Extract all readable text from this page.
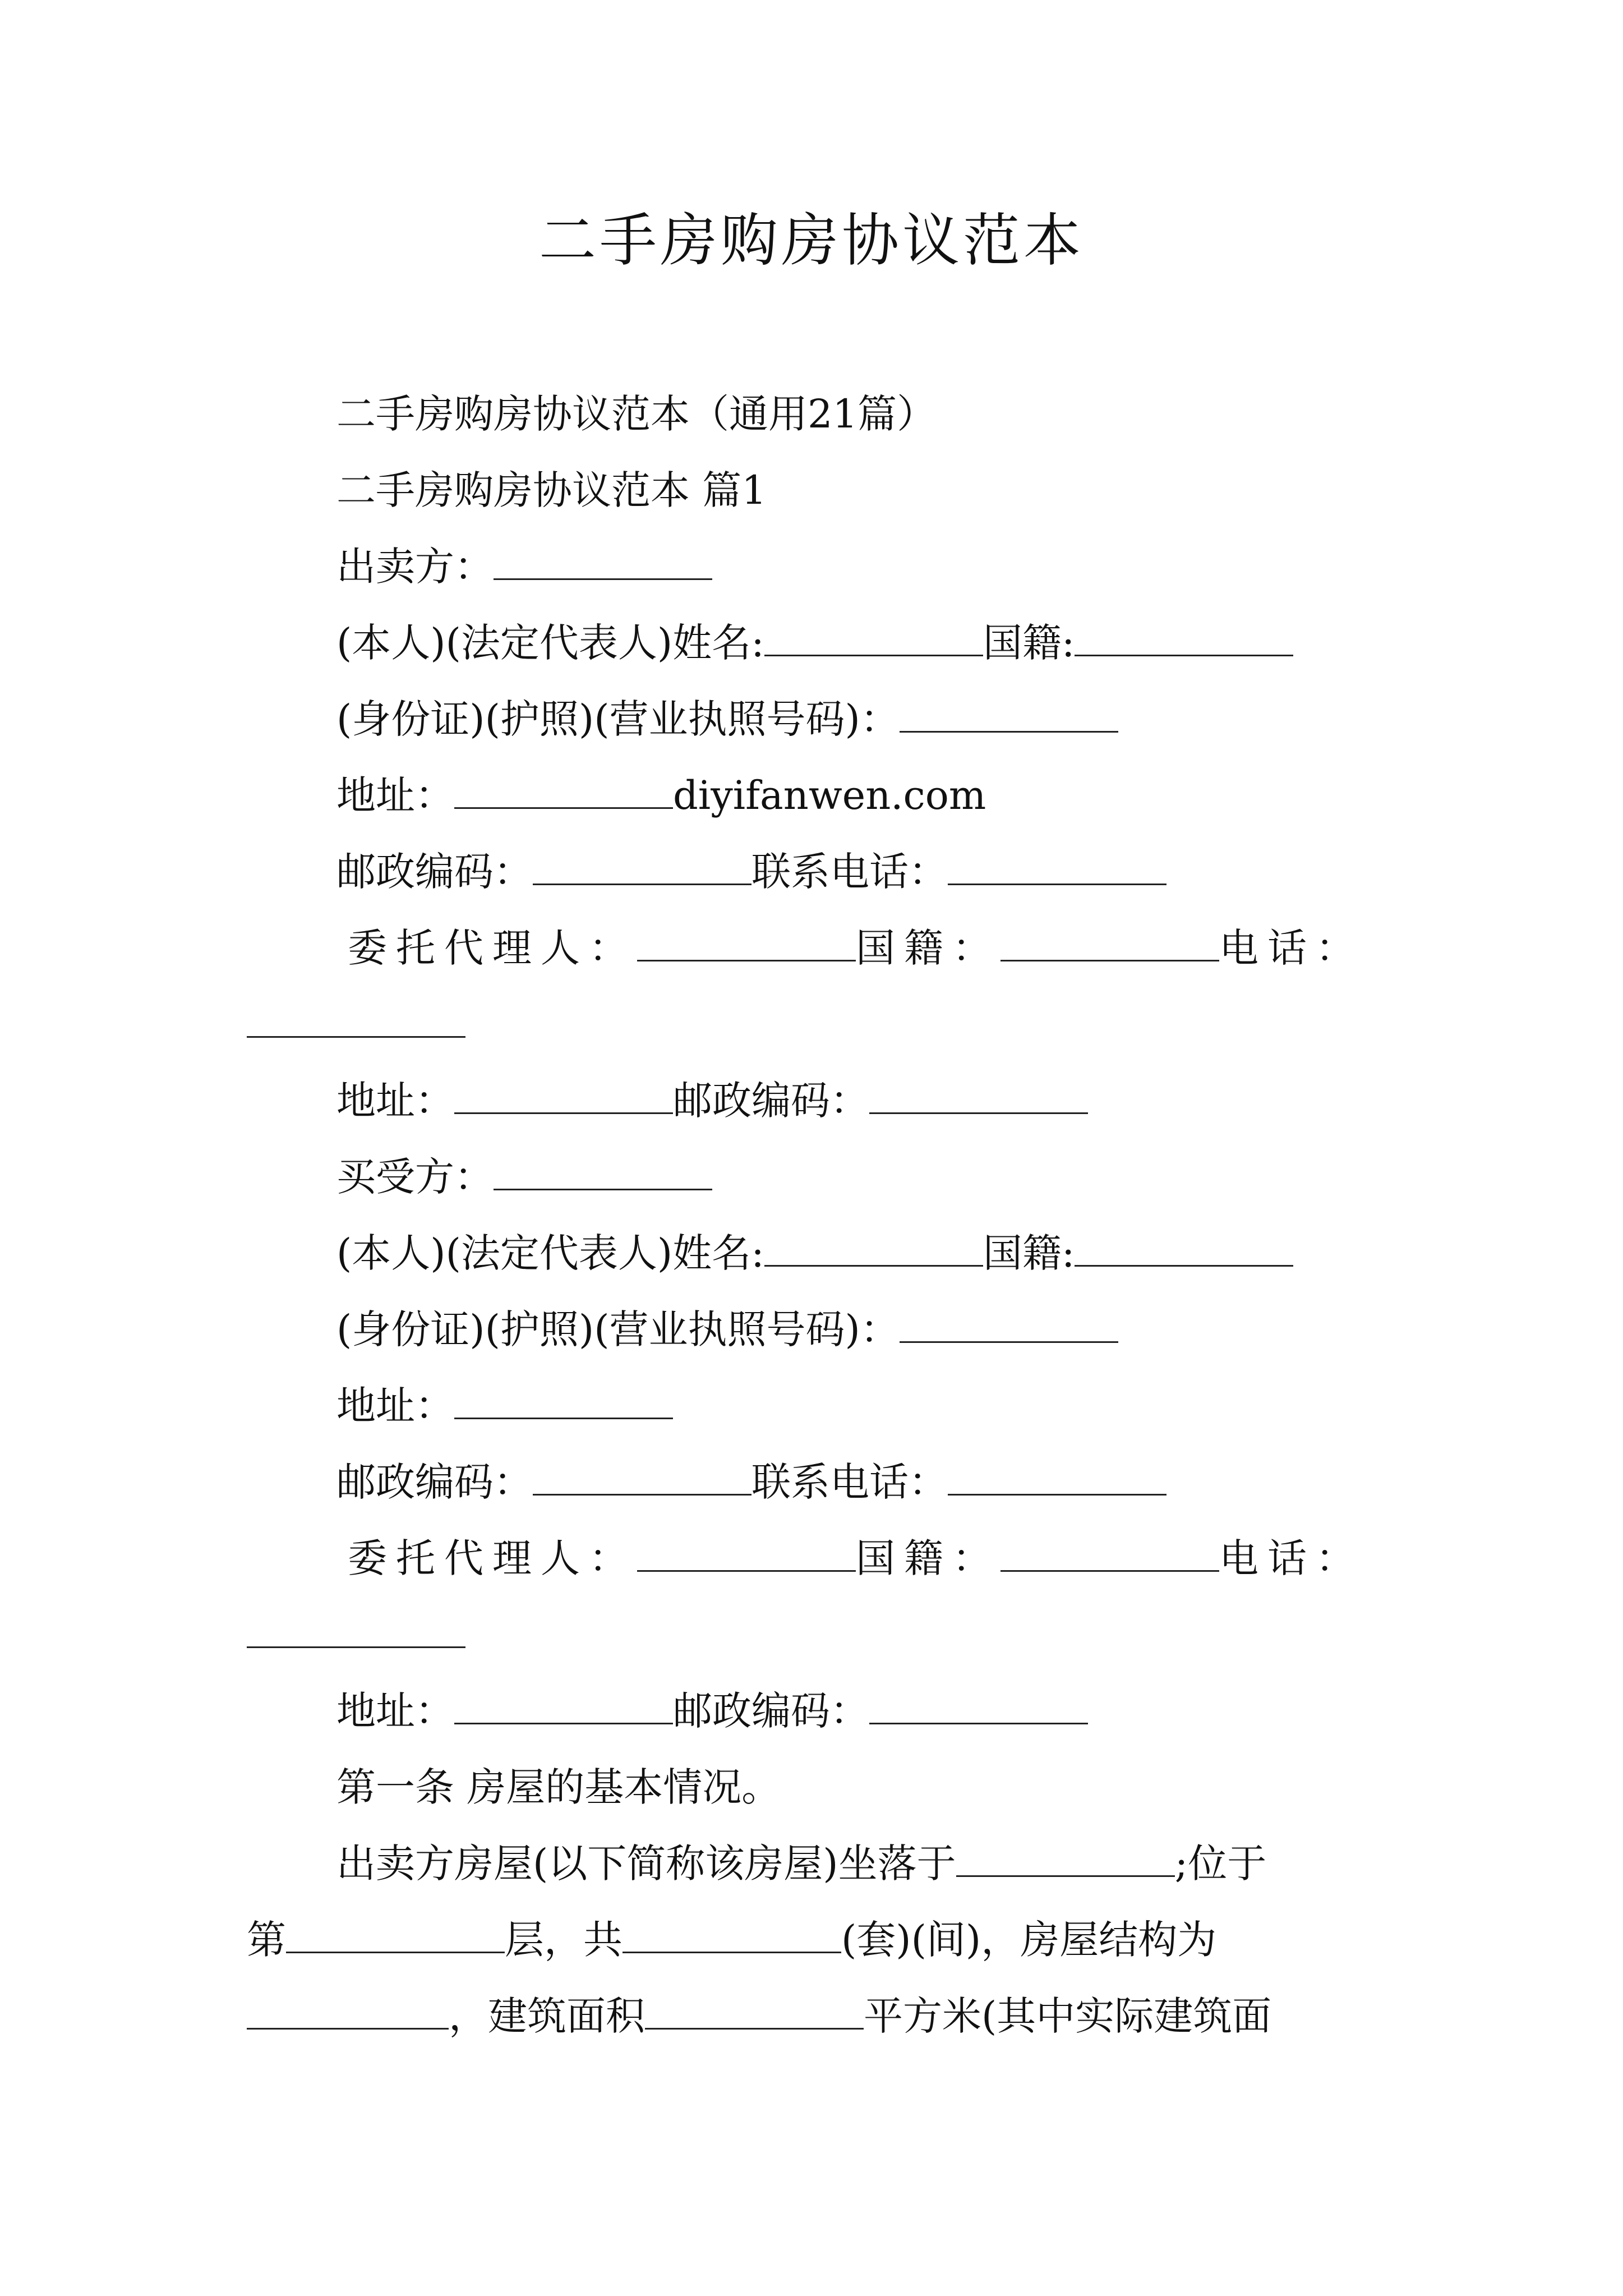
二手房购房协议范本
二手房购房协议范本（通用21篇）
二手房购房协议范本 篇1
出卖方：
(本人)(法定代表人)姓名:	国籍:
(身份证)(护照)(营业执照号码)：
地址：	diyifanwen.com
邮政编码：	联系电话：
委托代理人：	国籍：	电话：
地址：	邮政编码：
买受方：
(本人)(法定代表人)姓名:	国籍:
(身份证)(护照)(营业执照号码)：
地址：
邮政编码：	联系电话：
委托代理人：	国籍：	电话：
地址：	邮政编码：
第一条 房屋的基本情况。
出卖方房屋(以下简称该房屋)坐落于	;位于
第	层，共	(套)(间)，房屋结构为
，建筑面积	平方米(其中实际建筑面
